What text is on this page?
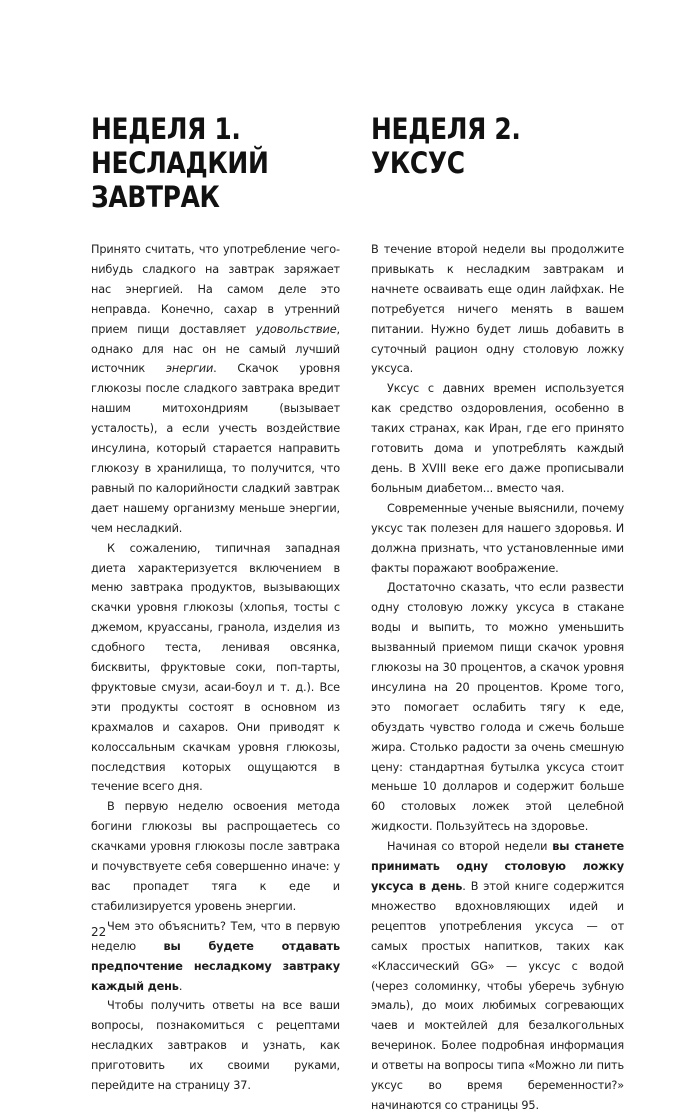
НЕДЕЛЯ 1.
НЕСЛАДКИЙ
ЗАВТРАК

Принято считать, что употребление чего-нибудь сладкого на завтрак заряжает нас энергией. На самом деле это неправда. Конечно, сахар в утренний прием пищи доставляет удовольствие, однако для нас он не самый лучший источник энергии. Скачок уровня глюкозы после сладкого завтрака вредит нашим митохондриям (вызывает усталость), а если учесть воздействие инсулина, который старается направить глюкозу в хранилища, то получится, что равный по калорийности сладкий завтрак дает нашему организму меньше энергии, чем несладкий.

К сожалению, типичная западная диета характеризуется включением в меню завтрака продуктов, вызывающих скачки уровня глюкозы (хлопья, тосты с джемом, круассаны, гранола, изделия из сдобного теста, ленивая овсянка, бисквиты, фруктовые соки, поп-тарты, фруктовые смузи, асаи-боул и т. д.). Все эти продукты состоят в основном из крахмалов и сахаров. Они приводят к колоссальным скачкам уровня глюкозы, последствия которых ощущаются в течение всего дня.

В первую неделю освоения метода богини глюкозы вы распрощаетесь со скачками уровня глюкозы после завтрака и почувствуете себя совершенно иначе: у вас пропадет тяга к еде и стабилизируется уровень энергии.

Чем это объяснить? Тем, что в первую неделю вы будете отдавать предпочтение несладкому завтраку каждый день.

Чтобы получить ответы на все ваши вопросы, познакомиться с рецептами несладких завтраков и узнать, как приготовить их своими руками, перейдите на страницу 37.

НЕДЕЛЯ 2.
УКСУС

В течение второй недели вы продолжите привыкать к несладким завтракам и начнете осваивать еще один лайфхак. Не потребуется ничего менять в вашем питании. Нужно будет лишь добавить в суточный рацион одну столовую ложку уксуса.

Уксус с давних времен используется как средство оздоровления, особенно в таких странах, как Иран, где его принято готовить дома и употреблять каждый день. В XVIII веке его даже прописывали больным диабетом... вместо чая.

Современные ученые выяснили, почему уксус так полезен для нашего здоровья. И должна признать, что установленные ими факты поражают воображение.

Достаточно сказать, что если развести одну столовую ложку уксуса в стакане воды и выпить, то можно уменьшить вызванный приемом пищи скачок уровня глюкозы на 30 процентов, а скачок уровня инсулина на 20 процентов. Кроме того, это помогает ослабить тягу к еде, обуздать чувство голода и сжечь больше жира. Столько радости за очень смешную цену: стандартная бутылка уксуса стоит меньше 10 долларов и содержит больше 60 столовых ложек этой целебной жидкости. Пользуйтесь на здоровье.

Начиная со второй недели вы станете принимать одну столовую ложку уксуса в день. В этой книге содержится множество вдохновляющих идей и рецептов употребления уксуса — от самых простых напитков, таких как «Классический GG» — уксус с водой (через соломинку, чтобы уберечь зубную эмаль), до моих любимых согревающих чаев и моктейлей для безалкогольных вечеринок. Более подробная информация и ответы на вопросы типа «Можно ли пить уксус во время беременности?» начинаются со страницы 95.

22
